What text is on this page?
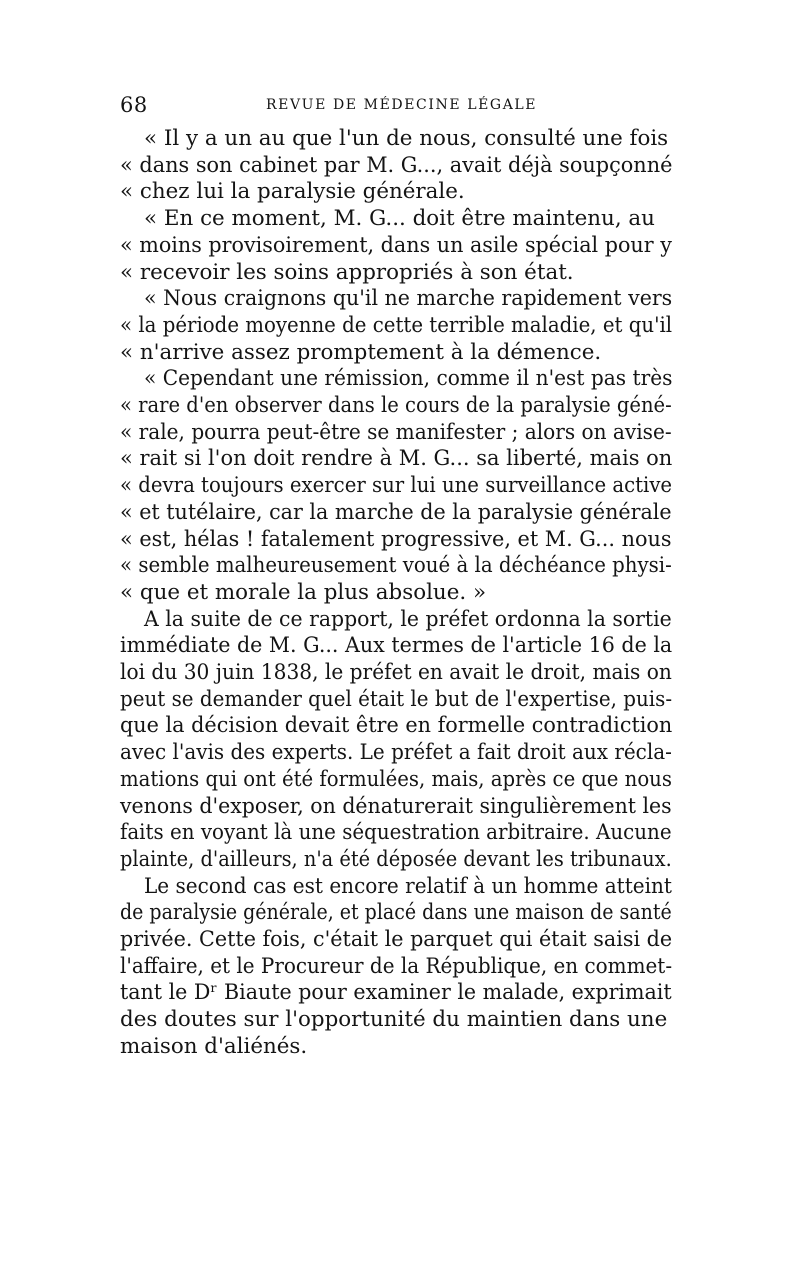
68	REVUE DE MÉDECINE LÉGALE
« Il y a un au que l'un de nous, consulté une fois
« dans son cabinet par M. G..., avait déjà soupçonné
« chez lui la paralysie générale.
« En ce moment, M. G... doit être maintenu, au
« moins provisoirement, dans un asile spécial pour y
« recevoir les soins appropriés à son état.
« Nous craignons qu'il ne marche rapidement vers
« la période moyenne de cette terrible maladie, et qu'il
« n'arrive assez promptement à la démence.
« Cependant une rémission, comme il n'est pas très
« rare d'en observer dans le cours de la paralysie géné-
« rale, pourra peut-être se manifester ; alors on avise-
« rait si l'on doit rendre à M. G... sa liberté, mais on
« devra toujours exercer sur lui une surveillance active
« et tutélaire, car la marche de la paralysie générale
« est, hélas ! fatalement progressive, et M. G... nous
« semble malheureusement voué à la déchéance physi-
« que et morale la plus absolue. »
A la suite de ce rapport, le préfet ordonna la sortie
immédiate de M. G... Aux termes de l'article 16 de la
loi du 30 juin 1838, le préfet en avait le droit, mais on
peut se demander quel était le but de l'expertise, puis-
que la décision devait être en formelle contradiction
avec l'avis des experts. Le préfet a fait droit aux récla-
mations qui ont été formulées, mais, après ce que nous
venons d'exposer, on dénaturerait singulièrement les
faits en voyant là une séquestration arbitraire. Aucune
plainte, d'ailleurs, n'a été déposée devant les tribunaux.
Le second cas est encore relatif à un homme atteint
de paralysie générale, et placé dans une maison de santé
privée. Cette fois, c'était le parquet qui était saisi de
l'affaire, et le Procureur de la République, en commet-
tant le Dʳ Biaute pour examiner le malade, exprimait
des doutes sur l'opportunité du maintien dans une
maison d'aliénés.
